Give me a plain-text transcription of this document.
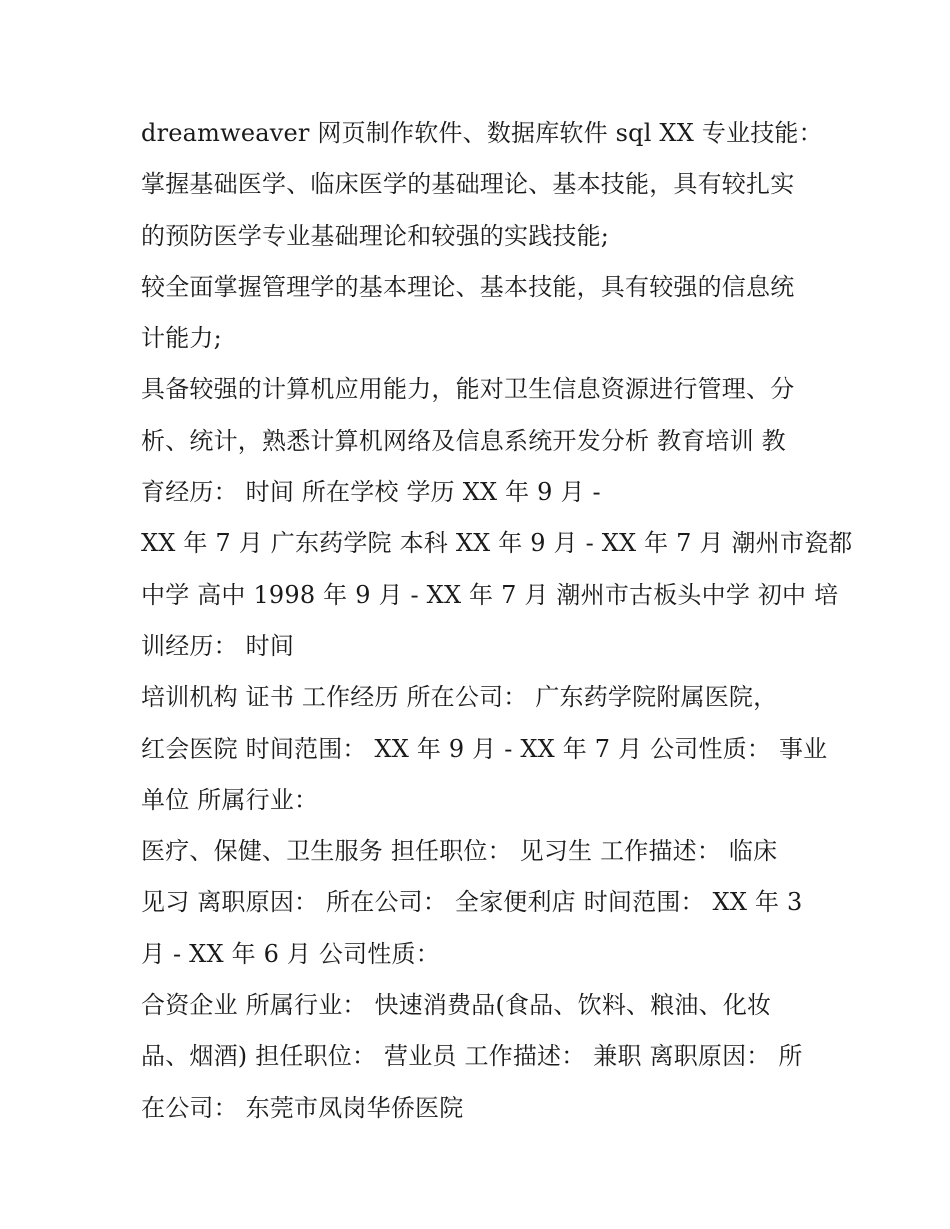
dreamweaver 网页制作软件、数据库软件 sql XX 专业技能：
掌握基础医学、临床医学的基础理论、基本技能，具有较扎实
的预防医学专业基础理论和较强的实践技能;
较全面掌握管理学的基本理论、基本技能，具有较强的信息统
计能力;
具备较强的计算机应用能力，能对卫生信息资源进行管理、分
析、统计，熟悉计算机网络及信息系统开发分析 教育培训 教
育经历： 时间 所在学校 学历 XX 年 9 月 -
XX 年 7 月 广东药学院 本科 XX 年 9 月 - XX 年 7 月 潮州市瓷都
中学 高中 1998 年 9 月 - XX 年 7 月 潮州市古板头中学 初中 培
训经历： 时间
培训机构 证书 工作经历 所在公司： 广东药学院附属医院，
红会医院 时间范围： XX 年 9 月 - XX 年 7 月 公司性质： 事业
单位 所属行业：
医疗、保健、卫生服务 担任职位： 见习生 工作描述： 临床
见习 离职原因： 所在公司： 全家便利店 时间范围： XX 年 3
月 - XX 年 6 月 公司性质：
合资企业 所属行业： 快速消费品(食品、饮料、粮油、化妆
品、烟酒) 担任职位： 营业员 工作描述： 兼职 离职原因： 所
在公司： 东莞市凤岗华侨医院
